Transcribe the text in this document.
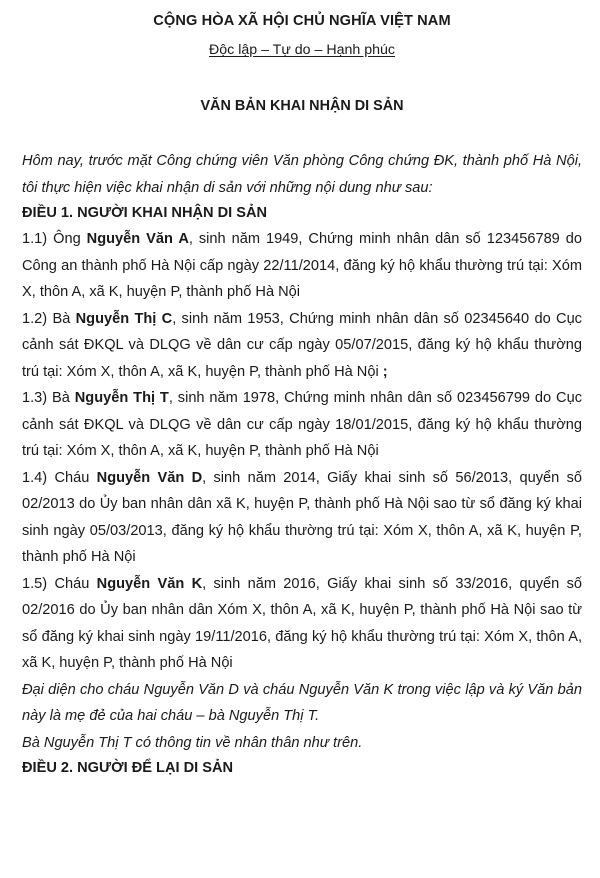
CỘNG HÒA XÃ HỘI CHỦ NGHĨA VIỆT NAM
Độc lập – Tự do – Hạnh phúc
VĂN BẢN KHAI NHẬN DI SẢN

Hôm nay, trước mặt Công chứng viên Văn phòng Công chứng ĐK, thành phố Hà Nội, tôi thực hiện việc khai nhận di sản với những nội dung như sau:

ĐIỀU 1. NGƯỜI KHAI NHẬN DI SẢN

1.1) Ông Nguyễn Văn A, sinh năm 1949, Chứng minh nhân dân số 123456789 do Công an thành phố Hà Nội cấp ngày 22/11/2014, đăng ký hộ khẩu thường trú tại: Xóm X, thôn A, xã K, huyện P, thành phố Hà Nội

1.2) Bà Nguyễn Thị C, sinh năm 1953, Chứng minh nhân dân số 02345640 do Cục cảnh sát ĐKQL và DLQG về dân cư cấp ngày 05/07/2015, đăng ký hộ khẩu thường trú tại: Xóm X, thôn A, xã K, huyện P, thành phố Hà Nội ;

1.3) Bà Nguyễn Thị T, sinh năm 1978, Chứng minh nhân dân số 023456799 do Cục cảnh sát ĐKQL và DLQG về dân cư cấp ngày 18/01/2015, đăng ký hộ khẩu thường trú tại: Xóm X, thôn A, xã K, huyện P, thành phố Hà Nội

1.4) Cháu Nguyễn Văn D, sinh năm 2014, Giấy khai sinh số 56/2013, quyển số 02/2013 do Ủy ban nhân dân xã K, huyện P, thành phố Hà Nội sao từ sổ đăng ký khai sinh ngày 05/03/2013, đăng ký hộ khẩu thường trú tại: Xóm X, thôn A, xã K, huyện P, thành phố Hà Nội

1.5) Cháu Nguyễn Văn K, sinh năm 2016, Giấy khai sinh số 33/2016, quyển số 02/2016 do Ủy ban nhân dân Xóm X, thôn A, xã K, huyện P, thành phố Hà Nội sao từ sổ đăng ký khai sinh ngày 19/11/2016, đăng ký hộ khẩu thường trú tại: Xóm X, thôn A, xã K, huyện P, thành phố Hà Nội

Đại diện cho cháu Nguyễn Văn D và cháu Nguyễn Văn K trong việc lập và ký Văn bản này là mẹ đẻ của hai cháu – bà Nguyễn Thị T.

Bà Nguyễn Thị T có thông tin về nhân thân như trên.

ĐIỀU 2. NGƯỜI ĐỂ LẠI DI SẢN
